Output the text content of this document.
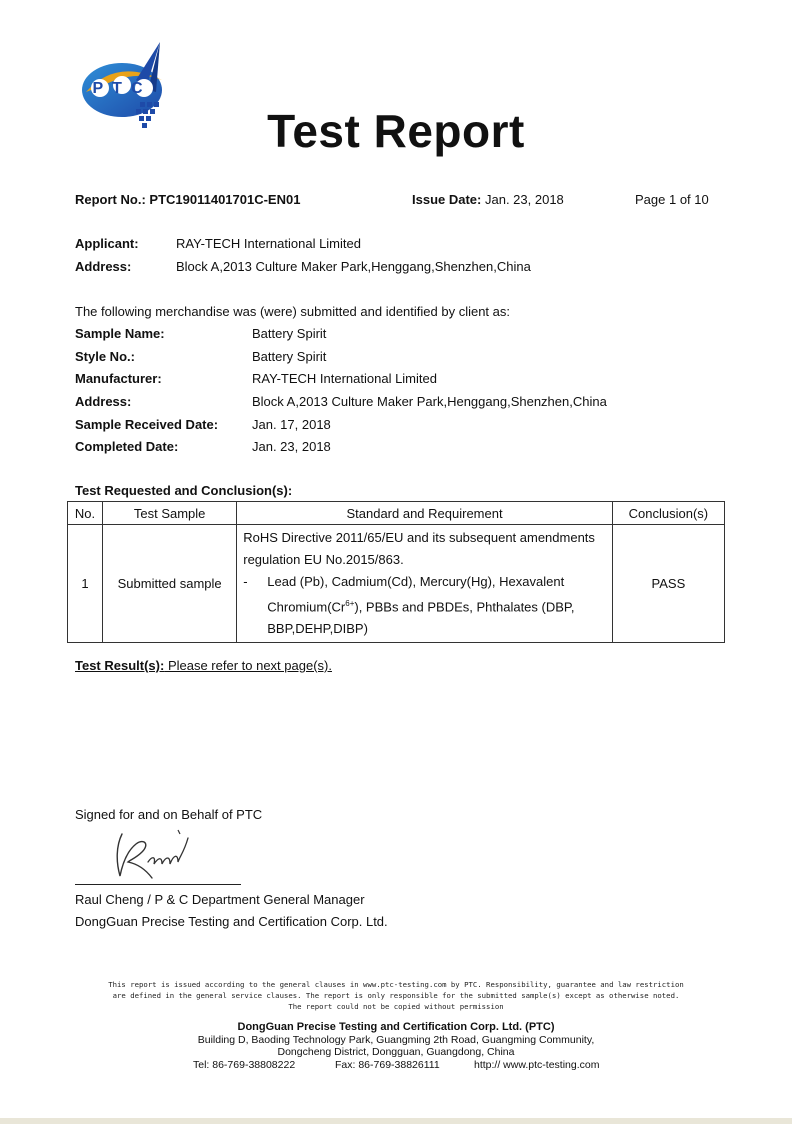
PTC
Test Report
Report No.: PTC19011401701C-EN01	Issue Date: Jan. 23, 2018	Page 1 of 10
Applicant:	RAY-TECH International Limited
Address:	Block A,2013 Culture Maker Park,Henggang,Shenzhen,China
The following merchandise was (were) submitted and identified by client as:
Sample Name:	Battery Spirit
Style No.:	Battery Spirit
Manufacturer:	RAY-TECH International Limited
Address:	Block A,2013 Culture Maker Park,Henggang,Shenzhen,China
Sample Received Date:	Jan. 17, 2018
Completed Date:	Jan. 23, 2018
Test Requested and Conclusion(s):
No.	Test Sample	Standard and Requirement	Conclusion(s)
1	Submitted sample	RoHS Directive 2011/65/EU and its subsequent amendments
regulation EU No.2015/863.
- Lead (Pb), Cadmium(Cd), Mercury(Hg), Hexavalent $Chromium(Cr^{6+})$, PBBs and PBDEs, Phthalates (DBP, BBP,DEHP,DIBP)	PASS
Test Result(s): Please refer to next page(s).
Signed for and on Behalf of PTC
Raul Cheng / P & C Department General Manager
DongGuan Precise Testing and Certification Corp. Ltd.
This report is issued according to the general clauses in www.ptc-testing.com by PTC. Responsibility, guarantee and law restriction
are defined in the general service clauses. The report is only responsible for the submitted sample(s) except as otherwise noted.
The report could not be copied without permission
DongGuan Precise Testing and Certification Corp. Ltd. (PTC)
Building D, Baoding Technology Park, Guangming 2th Road, Guangming Community,
Dongcheng District, Dongguan, Guangdong, China
Tel: 86-769-38808222	Fax: 86-769-38826111	http:// www.ptc-testing.com
